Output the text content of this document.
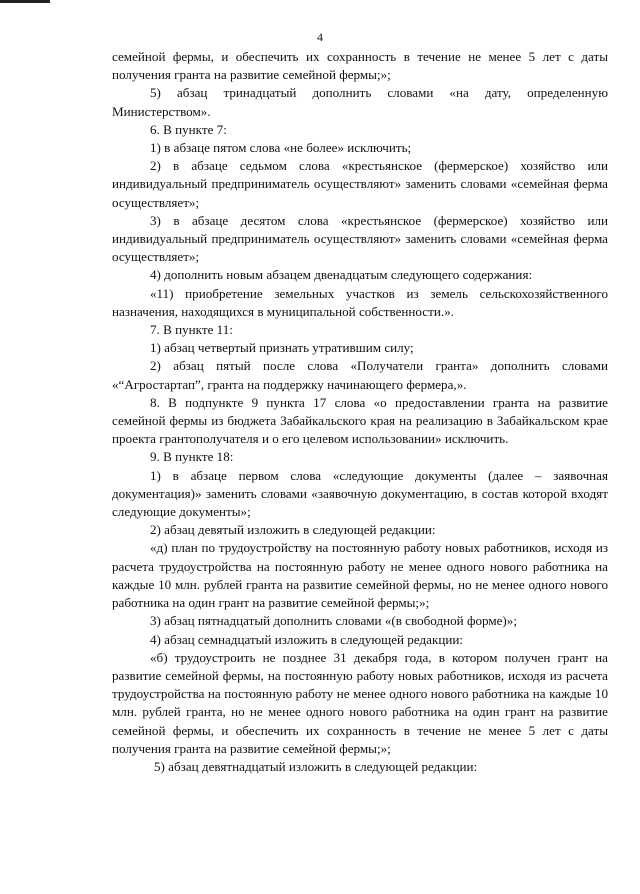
4

семейной фермы, и обеспечить их сохранность в течение не менее 5 лет с даты получения гранта на развитие семейной фермы;»;

5) абзац тринадцатый дополнить словами «на дату, определенную Министерством».

6. В пункте 7:

1) в абзаце пятом слова «не более» исключить;

2) в абзаце седьмом слова «крестьянское (фермерское) хозяйство или индивидуальный предприниматель осуществляют» заменить словами «семейная ферма осуществляет»;

3) в абзаце десятом слова «крестьянское (фермерское) хозяйство или индивидуальный предприниматель осуществляют» заменить словами «семейная ферма осуществляет»;

4) дополнить новым абзацем двенадцатым следующего содержания:

«11) приобретение земельных участков из земель сельскохозяйственного назначения, находящихся в муниципальной собственности.».

7. В пункте 11:

1) абзац четвертый признать утратившим силу;

2) абзац пятый после слова «Получатели гранта» дополнить словами «“Агростартап”, гранта на поддержку начинающего фермера,».

8. В подпункте 9 пункта 17 слова «о предоставлении гранта на развитие семейной фермы из бюджета Забайкальского края на реализацию в Забайкальском крае проекта грантополучателя и о его целевом использовании» исключить.

9. В пункте 18:

1) в абзаце первом слова «следующие документы (далее – заявочная документация)» заменить словами «заявочную документацию, в состав которой входят следующие документы»;

2) абзац девятый изложить в следующей редакции:

«д) план по трудоустройству на постоянную работу новых работников, исходя из расчета трудоустройства на постоянную работу не менее одного нового работника на каждые 10 млн. рублей гранта на развитие семейной фермы, но не менее одного нового работника на один грант на развитие семейной фермы;»;

3) абзац пятнадцатый дополнить словами «(в свободной форме)»;

4) абзац семнадцатый изложить в следующей редакции:

«б) трудоустроить не позднее 31 декабря года, в котором получен грант на развитие семейной фермы, на постоянную работу новых работников, исходя из расчета трудоустройства на постоянную работу не менее одного нового работника на каждые 10 млн. рублей гранта, но не менее одного нового работника на один грант на развитие семейной фермы, и обеспечить их сохранность в течение не менее 5 лет с даты получения гранта на развитие семейной фермы;»;

5) абзац девятнадцатый изложить в следующей редакции:
